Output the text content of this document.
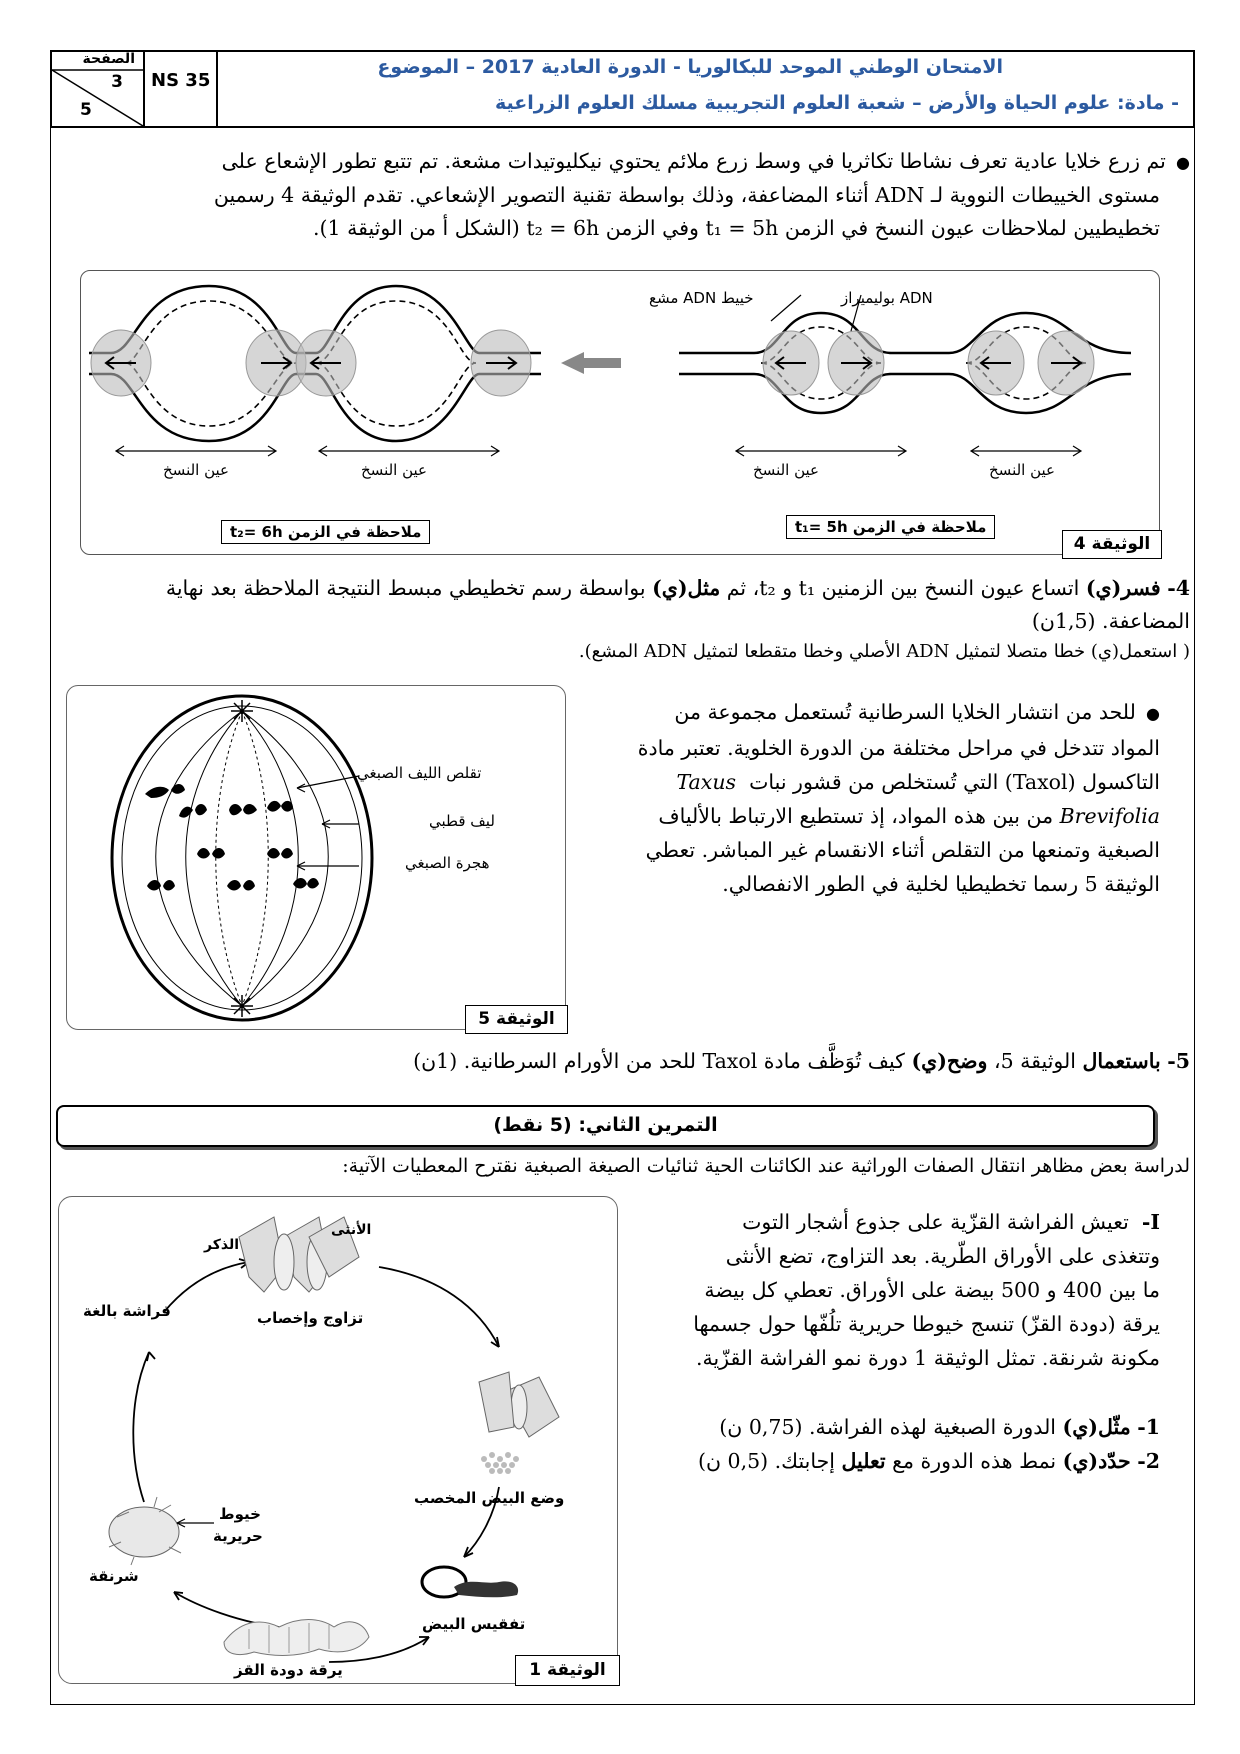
الصفحة
3
5
NS 35
الامتحان الوطني الموحد للبكالوريا - الدورة العادية 2017 – الموضوع
- مادة: علوم الحياة والأرض – شعبة العلوم التجريبية مسلك العلوم الزراعية
●  تم زرع خلايا عادية تعرف نشاطا تكاثريا في وسط زرع ملائم يحتوي نيكليوتيدات مشعة. تم تتبع تطور الإشعاع على
مستوى الخييطات النووية لـ ADN أثناء المضاعفة، وذلك بواسطة تقنية التصوير الإشعاعي. تقدم الوثيقة 4 رسمين
تخطيطيين لملاحظات عيون النسخ في الزمن t₁ = 5h وفي الزمن t₂ = 6h (الشكل أ من الوثيقة 1).
خييط ADN مشع	ADN بوليميراز
عين النسخ	عين النسخ
عين النسخ	عين النسخ
ملاحظة في الزمن t₁= 5h
ملاحظة في الزمن t₂= 6h
الوثيقة 4
4- فسر(ي) اتساع عيون النسخ بين الزمنين t₁ و t₂، ثم مثل(ي) بواسطة رسم تخطيطي مبسط النتيجة الملاحظة بعد نهاية
المضاعفة. (1,5ن)
( استعمل(ي) خطا متصلا لتمثيل ADN الأصلي وخطا متقطعا لتمثيل ADN المشع).
تقلص الليف الصبغي
ليف قطبي
هجرة الصبغي
الوثيقة 5
●  للحد من انتشار الخلايا السرطانية تُستعمل مجموعة من
المواد تتدخل في مراحل مختلفة من الدورة الخلوية. تعتبر مادة
التاكسول (Taxol) التي تُستخلص من قشور نبات  Taxus
Brevifolia من بين هذه المواد، إذ تستطيع الارتباط بالألياف
الصبغية وتمنعها من التقلص أثناء الانقسام غير المباشر. تعطي
الوثيقة 5 رسما تخطيطيا لخلية في الطور الانفصالي.
5- باستعمال الوثيقة 5، وضح(ي) كيف تُوَظَّف مادة Taxol للحد من الأورام السرطانية. (1ن)
التمرين الثاني: (5 نقط)
لدراسة بعض مظاهر انتقال الصفات الوراثية عند الكائنات الحية ثنائيات الصيغة الصبغية نقترح المعطيات الآتية:
الذكر
الأنثى
تزاوج وإخصاب
فراشة بالغة
وضع البيض المخصب
تفقيس البيض
يرقة دودة القز
شرنقة
خيوط
حريرية
الوثيقة 1
I-  تعيش الفراشة القزّية على جذوع أشجار التوت
وتتغذى على الأوراق الطّرية. بعد التزاوج، تضع الأنثى
ما بين 400 و 500 بيضة على الأوراق. تعطي كل بيضة
يرقة (دودة القزّ) تنسج خيوطا حريرية تلُفّها حول جسمها
مكونة شرنقة. تمثل الوثيقة 1 دورة نمو الفراشة القزّية.
1- مثّل(ي) الدورة الصبغية لهذه الفراشة. (0,75 ن)
2- حدّد(ي) نمط هذه الدورة مع تعليل إجابتك. (0,5 ن)
